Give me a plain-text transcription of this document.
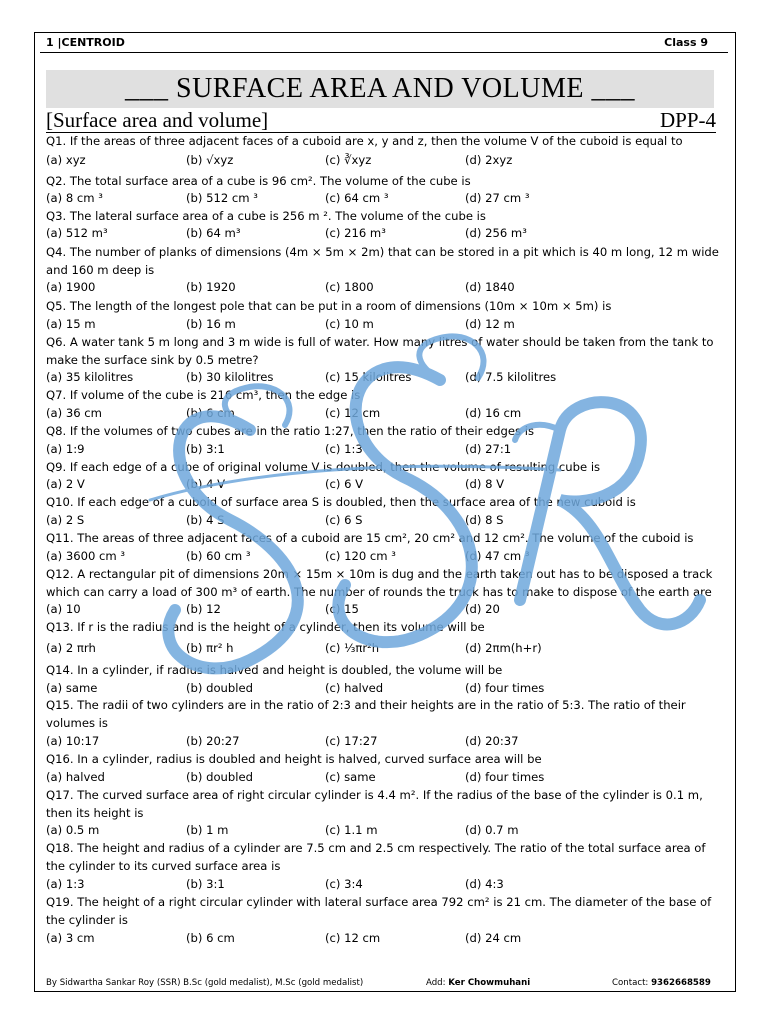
1 |CENTROID	Class 9
___ SURFACE AREA AND VOLUME ___
[Surface area and volume]	DPP-4
Q1. If the areas of three adjacent faces of a cuboid are x, y and z, then the volume V of the cuboid is equal to
(a) xyz	(b) √xyz	(c) ∛xyz	(d) 2xyz
Q2. The total surface area of a cube is 96 cm². The volume of the cube is
(a) 8 cm ³	(b) 512 cm ³	(c) 64 cm ³	(d) 27 cm ³
Q3. The lateral surface area of a cube is 256 m ². The volume of the cube is
(a) 512 m³	(b) 64 m³	(c) 216 m³	(d) 256 m³
Q4. The number of planks of dimensions (4m × 5m × 2m) that can be stored in a pit which is 40 m long, 12 m wide and 160 m deep is
(a) 1900	(b) 1920	(c) 1800	(d) 1840
Q5. The length of the longest pole that can be put in a room of dimensions (10m × 10m × 5m) is
(a) 15 m	(b) 16 m	(c) 10 m	(d) 12 m
Q6. A water tank 5 m long and 3 m wide is full of water. How many litres of water should be taken from the tank to make the surface sink by 0.5 metre?
(a) 35 kilolitres	(b) 30 kilolitres	(c) 15 kilolitres	(d) 7.5 kilolitres
Q7. If volume of the cube is 216 cm³, then the edge is
(a) 36 cm	(b) 6 cm	(c) 12 cm	(d) 16 cm
Q8. If the volumes of two cubes are in the ratio 1:27, then the ratio of their edges is
(a) 1:9	(b) 3:1	(c) 1:3	(d) 27:1
Q9. If each edge of a cube of original volume V is doubled, then the volume of resulting cube is
(a) 2 V	(b) 4 V	(c) 6 V	(d) 8 V
Q10. If each edge of a cuboid of surface area S is doubled, then the surface area of the new cuboid is
(a) 2 S	(b) 4 S	(c) 6 S	(d) 8 S
Q11. The areas of three adjacent faces of a cuboid are 15 cm², 20 cm² and 12 cm². The volume of the cuboid is
(a) 3600 cm ³	(b) 60 cm ³	(c) 120 cm ³	(d) 47 cm ³
Q12. A rectangular pit of dimensions 20m × 15m × 10m is dug and the earth taken out has to be disposed a track which can carry a load of 300 m³ of earth. The number of rounds the truck has to make to dispose of the earth are
(a) 10	(b) 12	(c) 15	(d) 20
Q13. If r is the radius and is the height of a cylinder, then its volume will be
(a) 2 πrh	(b) πr² h	(c) ⅓πr²h	(d) 2πm(h+r)
Q14. In a cylinder, if radius is halved and height is doubled, the volume will be
(a) same	(b) doubled	(c) halved	(d) four times
Q15. The radii of two cylinders are in the ratio of 2:3 and their heights are in the ratio of 5:3. The ratio of their volumes is
(a) 10:17	(b) 20:27	(c) 17:27	(d) 20:37
Q16. In a cylinder, radius is doubled and height is halved, curved surface area will be
(a) halved	(b) doubled	(c) same	(d) four times
Q17. The curved surface area of right circular cylinder is 4.4 m². If the radius of the base of the cylinder is 0.1 m, then its height is
(a) 0.5 m	(b) 1 m	(c) 1.1 m	(d) 0.7 m
Q18. The height and radius of a cylinder are 7.5 cm and 2.5 cm respectively. The ratio of the total surface area of the cylinder to its curved surface area is
(a) 1:3	(b) 3:1	(c) 3:4	(d) 4:3
Q19. The height of a right circular cylinder with lateral surface area 792 cm² is 21 cm. The diameter of the base of the cylinder is
(a) 3 cm	(b) 6 cm	(c) 12 cm	(d) 24 cm
By Sidwartha Sankar Roy (SSR) B.Sc (gold medalist), M.Sc (gold medalist)	Add: Ker Chowmuhani	Contact: 9362668589
